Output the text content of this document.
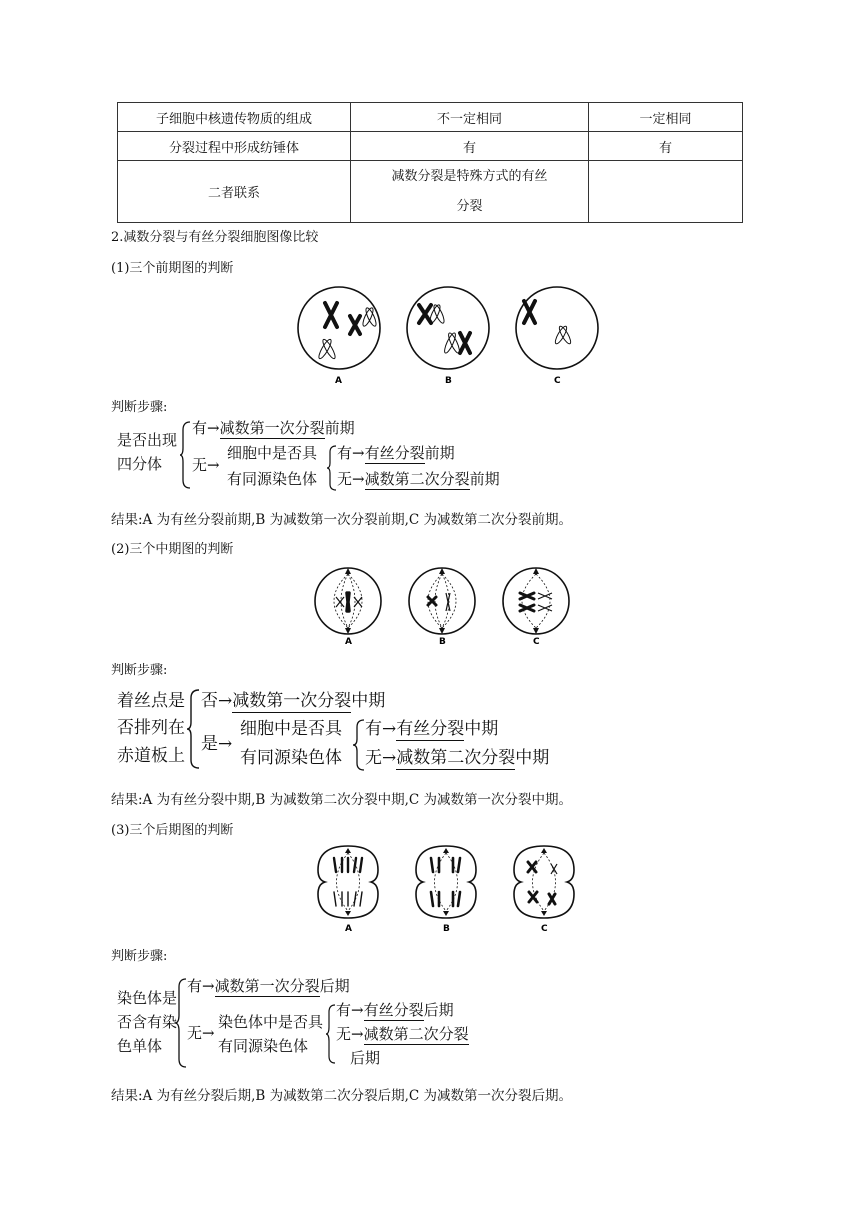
子细胞中核遗传物质的组成	不一定相同	一定相同
分裂过程中形成纺锤体	有	有
二者联系	减数分裂是特殊方式的有丝
分裂	

2.减数分裂与有丝分裂细胞图像比较
(1)三个前期图的判断
A	B	C
判断步骤:
是否出现
四分体
有→减数第一次分裂前期
无→
细胞中是否具
有同源染色体
有→有丝分裂前期
无→减数第二次分裂前期
结果:A 为有丝分裂前期,B 为减数第一次分裂前期,C 为减数第二次分裂前期。
(2)三个中期图的判断
A	B	C
判断步骤:
着丝点是
否排列在
赤道板上
否→减数第一次分裂中期
是→
细胞中是否具
有同源染色体
有→有丝分裂中期
无→减数第二次分裂中期
结果:A 为有丝分裂中期,B 为减数第二次分裂中期,C 为减数第一次分裂中期。
(3)三个后期图的判断
A	B	C
判断步骤:
染色体是
否含有染
色单体
有→减数第一次分裂后期
无→
染色体中是否具
有同源染色体
有→有丝分裂后期
无→减数第二次分裂
后期
结果:A 为有丝分裂后期,B 为减数第二次分裂后期,C 为减数第一次分裂后期。
